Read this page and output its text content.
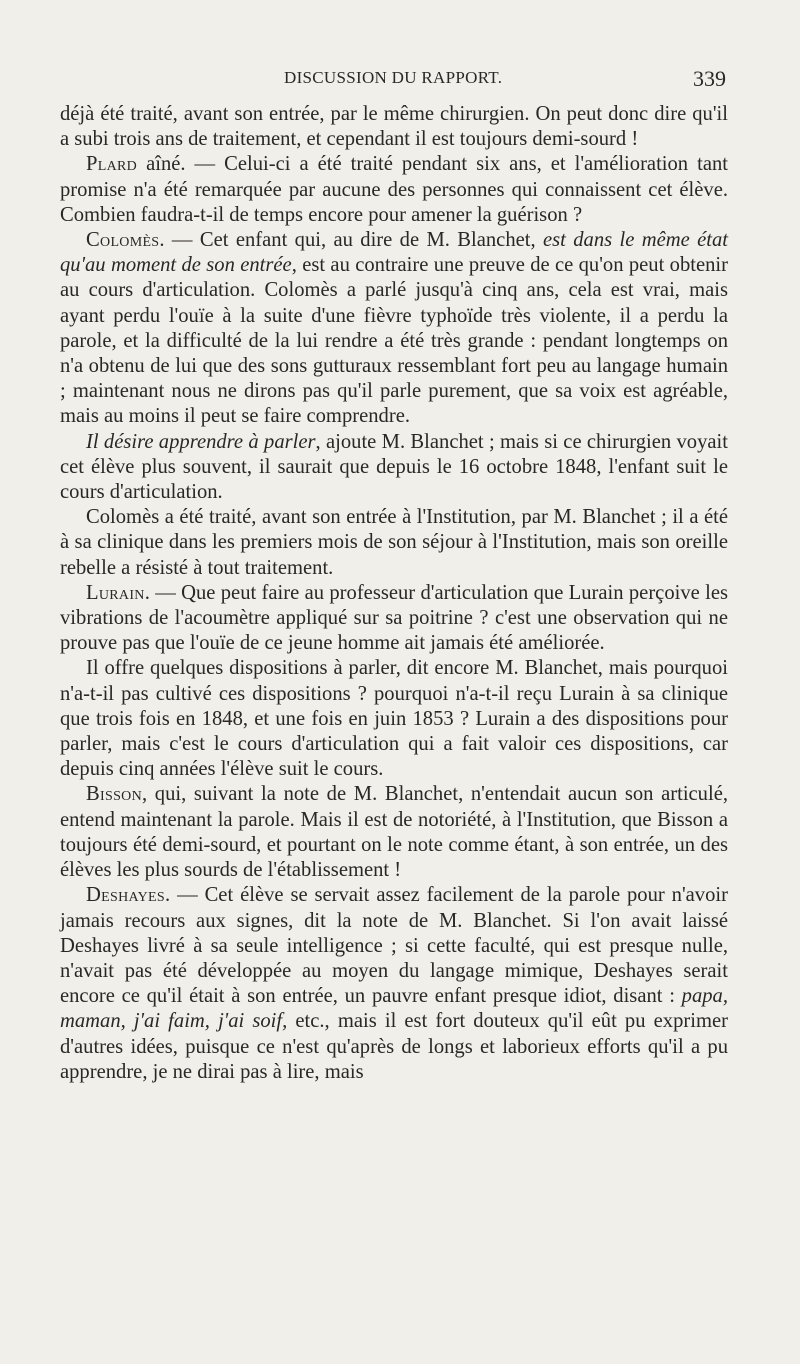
DISCUSSION DU RAPPORT.	339

déjà été traité, avant son entrée, par le même chirurgien. On peut donc dire qu'il a subi trois ans de traitement, et cependant il est toujours demi-sourd !

Plard aîné. — Celui-ci a été traité pendant six ans, et l'amélioration tant promise n'a été remarquée par aucune des personnes qui connaissent cet élève. Combien faudra-t-il de temps encore pour amener la guérison ?

Colomès. — Cet enfant qui, au dire de M. Blanchet, est dans le même état qu'au moment de son entrée, est au contraire une preuve de ce qu'on peut obtenir au cours d'articulation. Colomès a parlé jusqu'à cinq ans, cela est vrai, mais ayant perdu l'ouïe à la suite d'une fièvre typhoïde très violente, il a perdu la parole, et la difficulté de la lui rendre a été très grande : pendant longtemps on n'a obtenu de lui que des sons gutturaux ressemblant fort peu au langage humain ; maintenant nous ne dirons pas qu'il parle purement, que sa voix est agréable, mais au moins il peut se faire comprendre.

Il désire apprendre à parler, ajoute M. Blanchet ; mais si ce chirurgien voyait cet élève plus souvent, il saurait que depuis le 16 octobre 1848, l'enfant suit le cours d'articulation.

Colomès a été traité, avant son entrée à l'Institution, par M. Blanchet ; il a été à sa clinique dans les premiers mois de son séjour à l'Institution, mais son oreille rebelle a résisté à tout traitement.

Lurain. — Que peut faire au professeur d'articulation que Lurain perçoive les vibrations de l'acoumètre appliqué sur sa poitrine ? c'est une observation qui ne prouve pas que l'ouïe de ce jeune homme ait jamais été améliorée.

Il offre quelques dispositions à parler, dit encore M. Blanchet, mais pourquoi n'a-t-il pas cultivé ces dispositions ? pourquoi n'a-t-il reçu Lurain à sa clinique que trois fois en 1848, et une fois en juin 1853 ? Lurain a des dispositions pour parler, mais c'est le cours d'articulation qui a fait valoir ces dispositions, car depuis cinq années l'élève suit le cours.

Bisson, qui, suivant la note de M. Blanchet, n'entendait aucun son articulé, entend maintenant la parole. Mais il est de notoriété, à l'Institution, que Bisson a toujours été demi-sourd, et pourtant on le note comme étant, à son entrée, un des élèves les plus sourds de l'établissement !

Deshayes. — Cet élève se servait assez facilement de la parole pour n'avoir jamais recours aux signes, dit la note de M. Blanchet. Si l'on avait laissé Deshayes livré à sa seule intelligence ; si cette faculté, qui est presque nulle, n'avait pas été développée au moyen du langage mimique, Deshayes serait encore ce qu'il était à son entrée, un pauvre enfant presque idiot, disant : papa, maman, j'ai faim, j'ai soif, etc., mais il est fort douteux qu'il eût pu exprimer d'autres idées, puisque ce n'est qu'après de longs et laborieux efforts qu'il a pu apprendre, je ne dirai pas à lire, mais
